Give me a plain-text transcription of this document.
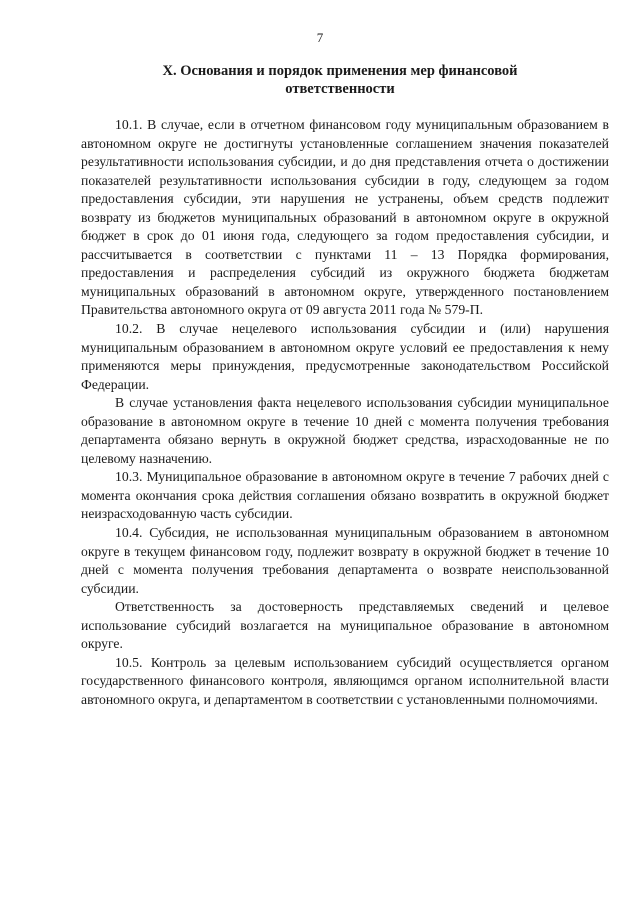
7
X. Основания и порядок применения мер финансовой
ответственности

10.1. В случае, если в отчетном финансовом году муниципальным образованием в автономном округе не достигнуты установленные соглашением значения показателей результативности использования субсидии, и до дня представления отчета о достижении показателей результативности использования субсидии в году, следующем за годом предоставления субсидии, эти нарушения не устранены, объем средств подлежит возврату из бюджетов муниципальных образований в автономном округе в окружной бюджет в срок до 01 июня года, следующего за годом предоставления субсидии, и рассчитывается в соответствии с пунктами 11 – 13 Порядка формирования, предоставления и распределения субсидий из окружного бюджета бюджетам муниципальных образований в автономном округе, утвержденного постановлением Правительства автономного округа от 09 августа 2011 года № 579-П.

10.2. В случае нецелевого использования субсидии и (или) нарушения муниципальным образованием в автономном округе условий ее предоставления к нему применяются меры принуждения, предусмотренные законодательством Российской Федерации.

В случае установления факта нецелевого использования субсидии муниципальное образование в автономном округе в течение 10 дней с момента получения требования департамента обязано вернуть в окружной бюджет средства, израсходованные не по целевому назначению.

10.3. Муниципальное образование в автономном округе в течение 7 рабочих дней с момента окончания срока действия соглашения обязано возвратить в окружной бюджет неизрасходованную часть субсидии.

10.4. Субсидия, не использованная муниципальным образованием в автономном округе в текущем финансовом году, подлежит возврату в окружной бюджет в течение 10 дней с момента получения требования департамента о возврате неиспользованной субсидии.

Ответственность за достоверность представляемых сведений и целевое использование субсидий возлагается на муниципальное образование в автономном округе.

10.5. Контроль за целевым использованием субсидий осуществляется органом государственного финансового контроля, являющимся органом исполнительной власти автономного округа, и департаментом в соответствии с установленными полномочиями.
